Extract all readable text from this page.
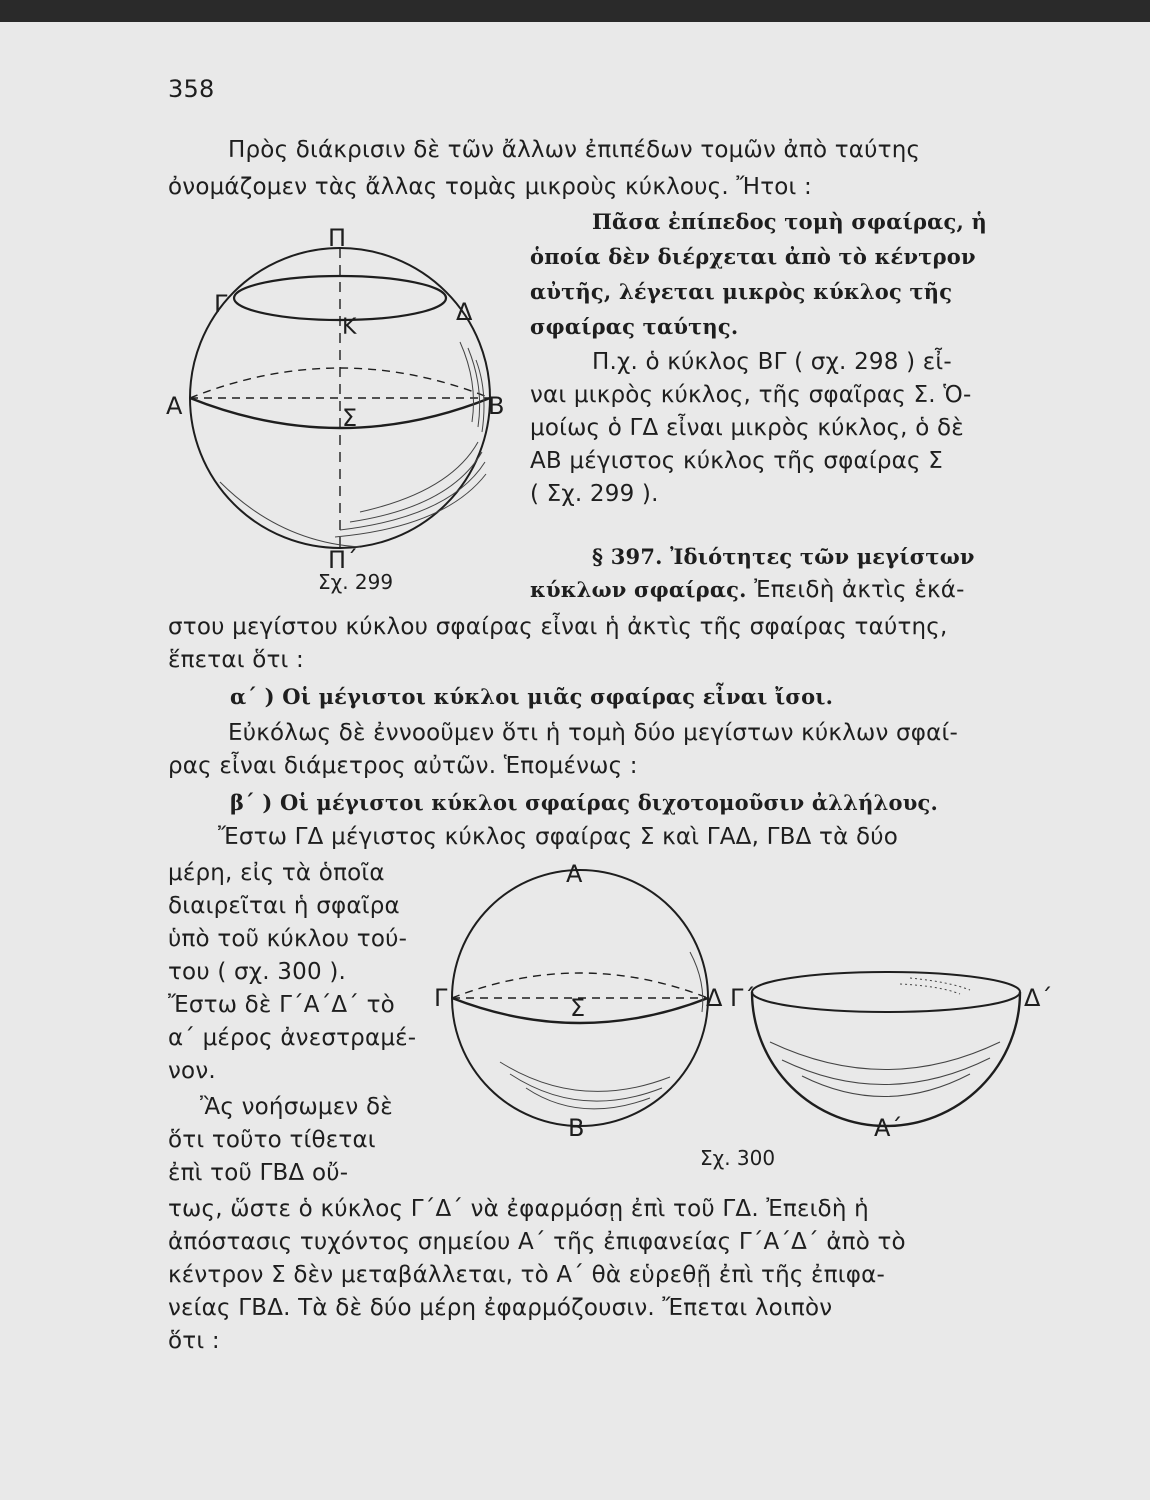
358
Πρὸς διάκρισιν δὲ τῶν ἄλλων ἐπιπέδων τομῶν ἀπὸ ταύτης
ὀνομάζομεν τὰς ἄλλας τομὰς μικροὺς κύκλους. Ἤτοι :
Πᾶσα ἐπίπεδος τομὴ σφαίρας, ἡ
ὁποία δὲν διέρχεται ἀπὸ τὸ κέντρον
αὐτῆς, λέγεται μικρὸς κύκλος τῆς
σφαίρας ταύτης.
Π.χ. ὁ κύκλος ΒΓ ( σχ. 298 ) εἶ-
ναι μικρὸς κύκλος, τῆς σφαῖρας Σ. Ὁ-
μοίως ὁ ΓΔ εἶναι μικρὸς κύκλος, ὁ δὲ
ΑΒ μέγιστος κύκλος τῆς σφαίρας Σ
( Σχ. 299 ).
§ 397. Ἰδιότητες τῶν μεγίστων
κύκλων σφαίρας. Ἐπειδὴ ἀκτὶς ἑκά-
στου μεγίστου κύκλου σφαίρας εἶναι ἡ ἀκτὶς τῆς σφαίρας ταύτης,
ἕπεται ὅτι :
α΄ ) Οἱ μέγιστοι κύκλοι μιᾶς σφαίρας εἶναι ἴσοι.
Εὐκόλως δὲ ἐννοοῦμεν ὅτι ἡ τομὴ δύο μεγίστων κύκλων σφαί-
ρας εἶναι διάμετρος αὐτῶν. Ἑπομένως :
β΄ ) Οἱ μέγιστοι κύκλοι σφαίρας διχοτομοῦσιν ἀλλήλους.
Ἔστω ΓΔ μέγιστος κύκλος σφαίρας Σ καὶ ΓΑΔ, ΓΒΔ τὰ δύο
μέρη, εἰς τὰ ὁποῖα
διαιρεῖται ἡ σφαῖρα
ὑπὸ τοῦ κύκλου τού-
του ( σχ. 300 ).
Ἔστω δὲ Γ΄Α΄Δ΄ τὸ
α΄ μέρος ἀνεστραμέ-
νον.
Ἂς νοήσωμεν δὲ
ὅτι τοῦτο τίθεται
ἐπὶ τοῦ ΓΒΔ οὔ-
τως, ὥστε ὁ κύκλος Γ΄Δ΄ νὰ ἐφαρμόσῃ ἐπὶ τοῦ ΓΔ. Ἐπειδὴ ἡ
ἀπόστασις τυχόντος σημείου Α΄ τῆς ἐπιφανείας Γ΄Α΄Δ΄ ἀπὸ τὸ
κέντρον Σ δὲν μεταβάλλεται, τὸ Α΄ θὰ εὑρεθῇ ἐπὶ τῆς ἐπιφα-
νείας ΓΒΔ. Τὰ δὲ δύο μέρη ἐφαρμόζουσιν. Ἔπεται λοιπὸν
ὅτι :
Π
Γ	Δ
Κ
Α	Β
Σ
Π΄
Σχ. 299
Α
Γ	Δ
Σ
Β
Γ΄	Δ΄
Α΄
Σχ. 300
